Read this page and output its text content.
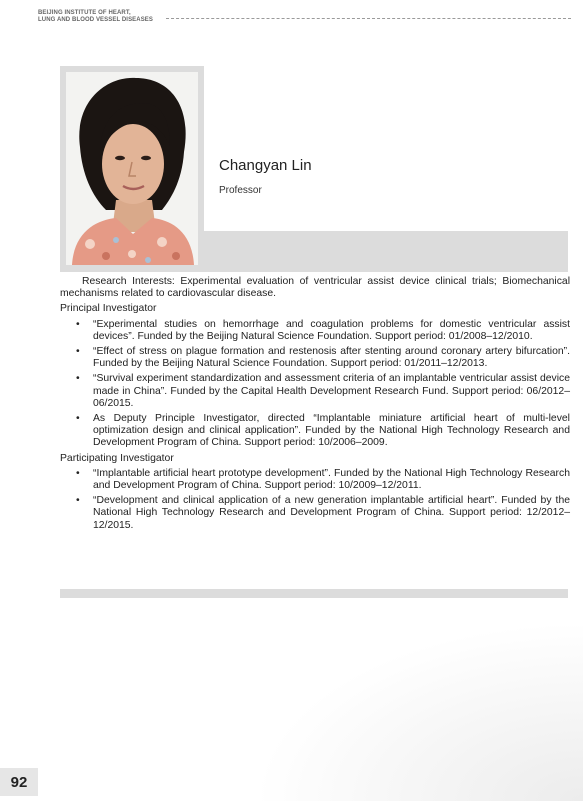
BEIJING INSTITUTE OF HEART,
LUNG AND BLOOD VESSEL DISEASES
Changyan Lin
Professor

Research Interests: Experimental evaluation of ventricular assist device clinical trials; Biomechanical mechanisms related to cardiovascular disease.

Principal Investigator
• “Experimental studies on hemorrhage and coagulation problems for domestic ventricular assist devices”. Funded by the Beijing Natural Science Foundation. Support period: 01/2008–12/2010.
• “Effect of stress on plague formation and restenosis after stenting around coronary artery bifurcation”. Funded by the Beijing Natural Science Foundation. Support period: 01/2011–12/2013.
• “Survival experiment standardization and assessment criteria of an implantable ventricular assist device made in China”. Funded by the Capital Health Development Research Fund. Support period: 06/2012–06/2015.
• As Deputy Principle Investigator, directed “Implantable miniature artificial heart of multi-level optimization design and clinical application”. Funded by the National High Technology Research and Development Program of China. Support period: 10/2006–2009.
Participating Investigator
• “Implantable artificial heart prototype development”. Funded by the National High Technology Research and Development Program of China. Support period: 10/2009–12/2011.
• “Development and clinical application of a new generation implantable artificial heart”. Funded by the National High Technology Research and Development Program of China. Support period: 12/2012–12/2015.
92
